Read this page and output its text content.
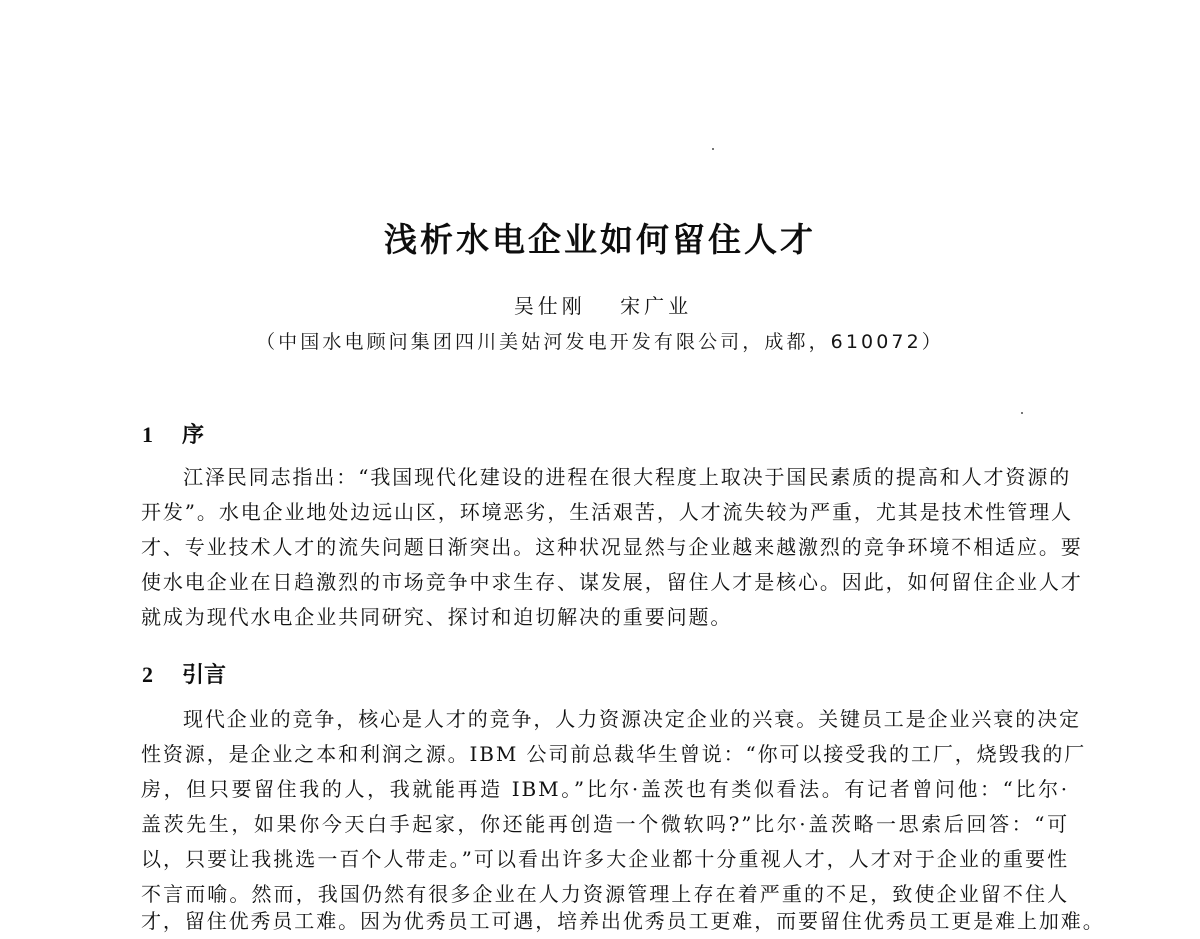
浅析水电企业如何留住人才
吴仕刚　 宋广业
（中国水电顾问集团四川美姑河发电开发有限公司，成都，610072）
1	序
江泽民同志指出：“我国现代化建设的进程在很大程度上取决于国民素质的提高和人才资源的
开发”。水电企业地处边远山区，环境恶劣，生活艰苦，人才流失较为严重，尤其是技术性管理人
才、专业技术人才的流失问题日渐突出。这种状况显然与企业越来越激烈的竞争环境不相适应。要
使水电企业在日趋激烈的市场竞争中求生存、谋发展，留住人才是核心。因此，如何留住企业人才
就成为现代水电企业共同研究、探讨和迫切解决的重要问题。
2	引言
现代企业的竞争，核心是人才的竞争，人力资源决定企业的兴衰。关键员工是企业兴衰的决定
性资源，是企业之本和利润之源。IBM 公司前总裁华生曾说：“你可以接受我的工厂，烧毁我的厂
房，但只要留住我的人，我就能再造 IBM。”比尔·盖茨也有类似看法。有记者曾问他：“比尔·
盖茨先生，如果你今天白手起家，你还能再创造一个微软吗?”比尔·盖茨略一思索后回答：“可
以，只要让我挑选一百个人带走。”可以看出许多大企业都十分重视人才，人才对于企业的重要性
不言而喻。然而，我国仍然有很多企业在人力资源管理上存在着严重的不足，致使企业留不住人
才，留住优秀员工难。因为优秀员工可遇，培养出优秀员工更难，而要留住优秀员工更是难上加难。
